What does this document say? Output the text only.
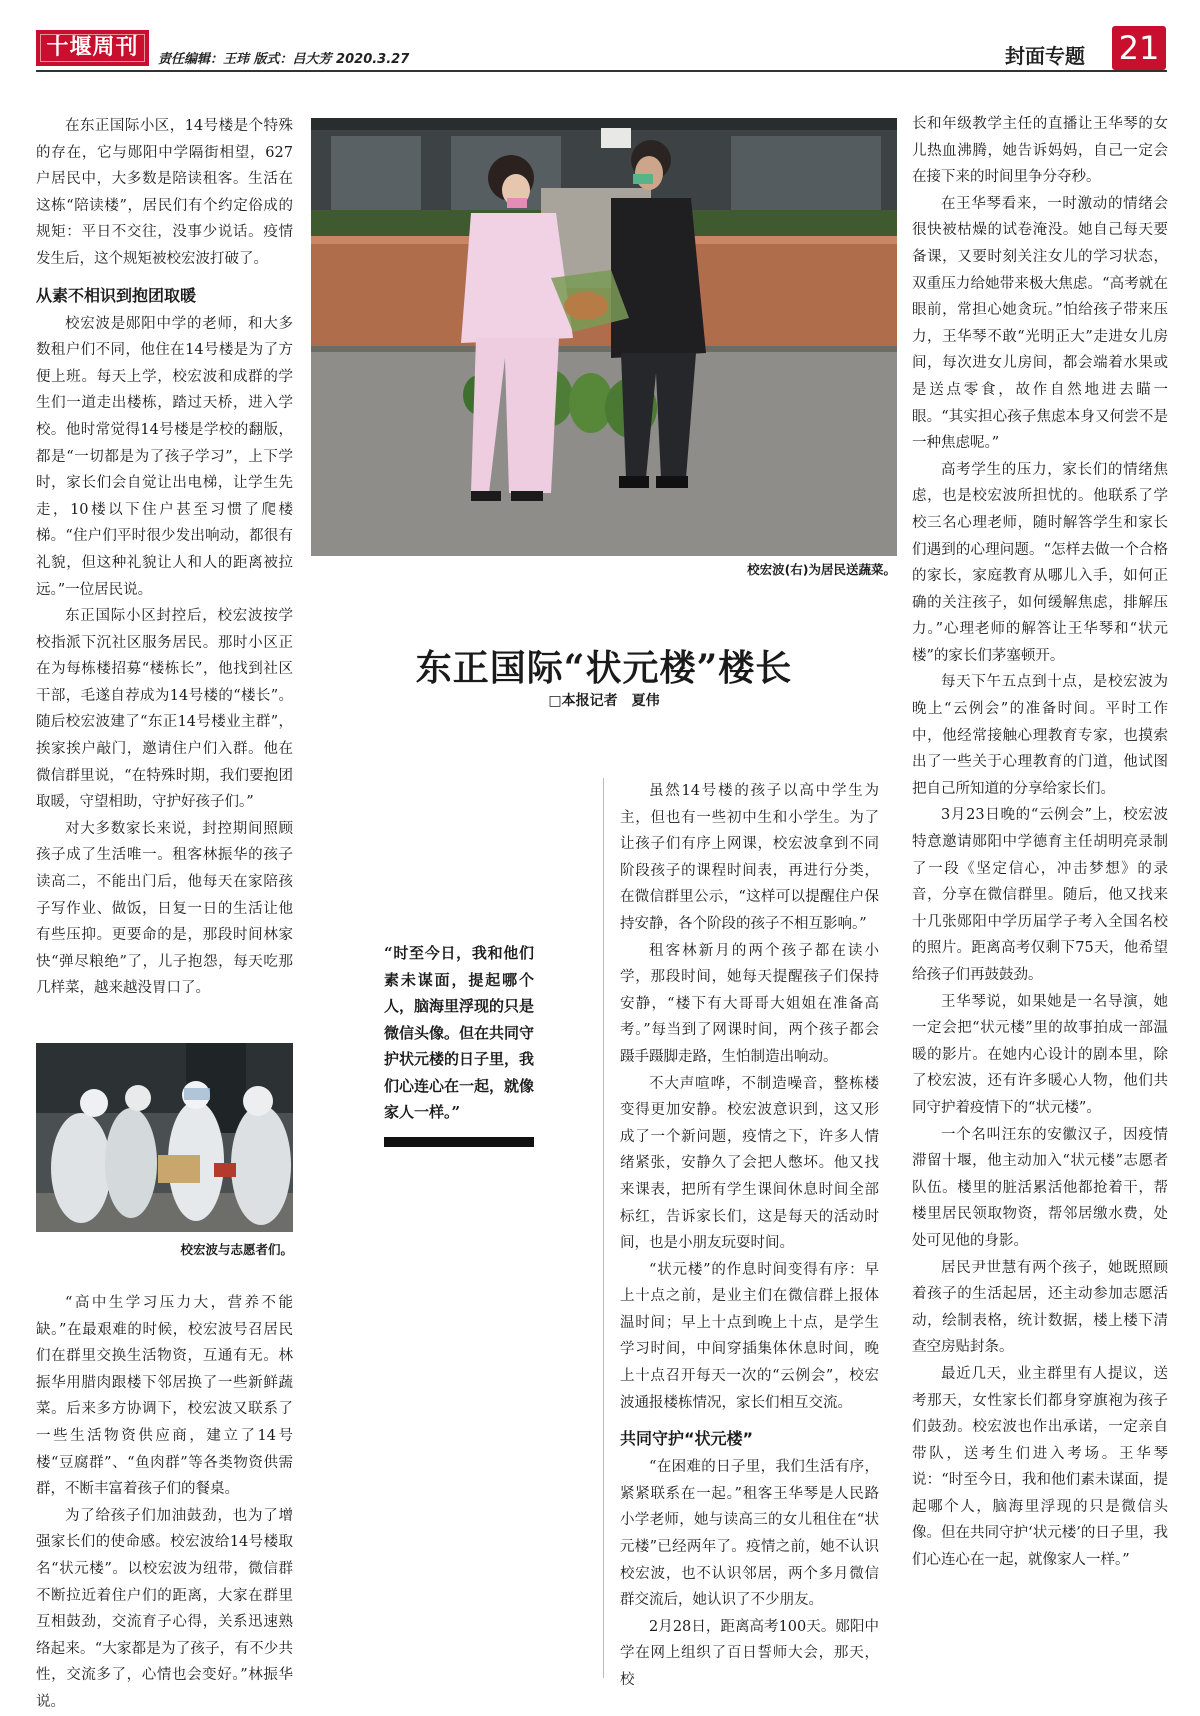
十堰周刊	责任编辑：王玮 版式：吕大芳 2020.3.27	封面专题 21

在东正国际小区，14号楼是个特殊的存在，它与郧阳中学隔街相望，627户居民中，大多数是陪读租客。生活在这栋“陪读楼”，居民们有个约定俗成的规矩：平日不交往，没事少说话。疫情发生后，这个规矩被校宏波打破了。

从素不相识到抱团取暖

校宏波是郧阳中学的老师，和大多数租户们不同，他住在14号楼是为了方便上班。每天上学，校宏波和成群的学生们一道走出楼栋，踏过天桥，进入学校。他时常觉得14号楼是学校的翻版，都是“一切都是为了孩子学习”，上下学时，家长们会自觉让出电梯，让学生先走，10楼以下住户甚至习惯了爬楼梯。“住户们平时很少发出响动，都很有礼貌，但这种礼貌让人和人的距离被拉远。”一位居民说。

东正国际小区封控后，校宏波按学校指派下沉社区服务居民。那时小区正在为每栋楼招募“楼栋长”，他找到社区干部，毛遂自荐成为14号楼的“楼长”。随后校宏波建了“东正14号楼业主群”，挨家挨户敲门，邀请住户们入群。他在微信群里说，“在特殊时期，我们要抱团取暖，守望相助，守护好孩子们。”

对大多数家长来说，封控期间照顾孩子成了生活唯一。租客林振华的孩子读高二，不能出门后，他每天在家陪孩子写作业、做饭，日复一日的生活让他有些压抑。更要命的是，那段时间林家快“弹尽粮绝”了，儿子抱怨，每天吃那几样菜，越来越没胃口了。

校宏波与志愿者们。

“高中生学习压力大，营养不能缺。”在最艰难的时候，校宏波号召居民们在群里交换生活物资，互通有无。林振华用腊肉跟楼下邻居换了一些新鲜蔬菜。后来多方协调下，校宏波又联系了一些生活物资供应商，建立了14号楼“豆腐群”、“鱼肉群”等各类物资供需群，不断丰富着孩子们的餐桌。

为了给孩子们加油鼓劲，也为了增强家长们的使命感。校宏波给14号楼取名“状元楼”。以校宏波为纽带，微信群不断拉近着住户们的距离，大家在群里互相鼓劲，交流育子心得，关系迅速熟络起来。“大家都是为了孩子，有不少共性，交流多了，心情也会变好。”林振华说。

校宏波(右)为居民送蔬菜。
东正国际“状元楼”楼长
□本报记者　夏伟
“时至今日，我和他们素未谋面，提起哪个人，脑海里浮现的只是微信头像。但在共同守护状元楼的日子里，我们心连心在一起，就像家人一样。”

虽然14号楼的孩子以高中学生为主，但也有一些初中生和小学生。为了让孩子们有序上网课，校宏波拿到不同阶段孩子的课程时间表，再进行分类，在微信群里公示，“这样可以提醒住户保持安静，各个阶段的孩子不相互影响。”

租客林新月的两个孩子都在读小学，那段时间，她每天提醒孩子们保持安静，“楼下有大哥哥大姐姐在准备高考。”每当到了网课时间，两个孩子都会蹑手蹑脚走路，生怕制造出响动。

不大声喧哗，不制造噪音，整栋楼变得更加安静。校宏波意识到，这又形成了一个新问题，疫情之下，许多人情绪紧张，安静久了会把人憋坏。他又找来课表，把所有学生课间休息时间全部标红，告诉家长们，这是每天的活动时间，也是小朋友玩耍时间。

“状元楼”的作息时间变得有序：早上十点之前，是业主们在微信群上报体温时间；早上十点到晚上十点，是学生学习时间，中间穿插集体休息时间，晚上十点召开每天一次的“云例会”，校宏波通报楼栋情况，家长们相互交流。

共同守护“状元楼”

“在困难的日子里，我们生活有序，紧紧联系在一起。”租客王华琴是人民路小学老师，她与读高三的女儿租住在“状元楼”已经两年了。疫情之前，她不认识校宏波，也不认识邻居，两个多月微信群交流后，她认识了不少朋友。

2月28日，距离高考100天。郧阳中学在网上组织了百日誓师大会，那天，校

长和年级教学主任的直播让王华琴的女儿热血沸腾，她告诉妈妈，自己一定会在接下来的时间里争分夺秒。

在王华琴看来，一时激动的情绪会很快被枯燥的试卷淹没。她自己每天要备课，又要时刻关注女儿的学习状态，双重压力给她带来极大焦虑。“高考就在眼前，常担心她贪玩。”怕给孩子带来压力，王华琴不敢“光明正大”走进女儿房间，每次进女儿房间，都会端着水果或是送点零食，故作自然地进去瞄一眼。“其实担心孩子焦虑本身又何尝不是一种焦虑呢。”

高考学生的压力，家长们的情绪焦虑，也是校宏波所担忧的。他联系了学校三名心理老师，随时解答学生和家长们遇到的心理问题。“怎样去做一个合格的家长，家庭教育从哪儿入手，如何正确的关注孩子，如何缓解焦虑，排解压力。”心理老师的解答让王华琴和“状元楼”的家长们茅塞顿开。

每天下午五点到十点，是校宏波为晚上“云例会”的准备时间。平时工作中，他经常接触心理教育专家，也摸索出了一些关于心理教育的门道，他试图把自己所知道的分享给家长们。

3月23日晚的“云例会”上，校宏波特意邀请郧阳中学德育主任胡明亮录制了一段《坚定信心，冲击梦想》的录音，分享在微信群里。随后，他又找来十几张郧阳中学历届学子考入全国名校的照片。距离高考仅剩下75天，他希望给孩子们再鼓鼓劲。

王华琴说，如果她是一名导演，她一定会把“状元楼”里的故事拍成一部温暖的影片。在她内心设计的剧本里，除了校宏波，还有许多暖心人物，他们共同守护着疫情下的“状元楼”。

一个名叫汪东的安徽汉子，因疫情滞留十堰，他主动加入“状元楼”志愿者队伍。楼里的脏活累活他都抢着干，帮楼里居民领取物资，帮邻居缴水费，处处可见他的身影。

居民尹世慧有两个孩子，她既照顾着孩子的生活起居，还主动参加志愿活动，绘制表格，统计数据，楼上楼下清查空房贴封条。

最近几天，业主群里有人提议，送考那天，女性家长们都身穿旗袍为孩子们鼓劲。校宏波也作出承诺，一定亲自带队，送考生们进入考场。王华琴说：“时至今日，我和他们素未谋面，提起哪个人，脑海里浮现的只是微信头像。但在共同守护‘状元楼’的日子里，我们心连心在一起，就像家人一样。”
